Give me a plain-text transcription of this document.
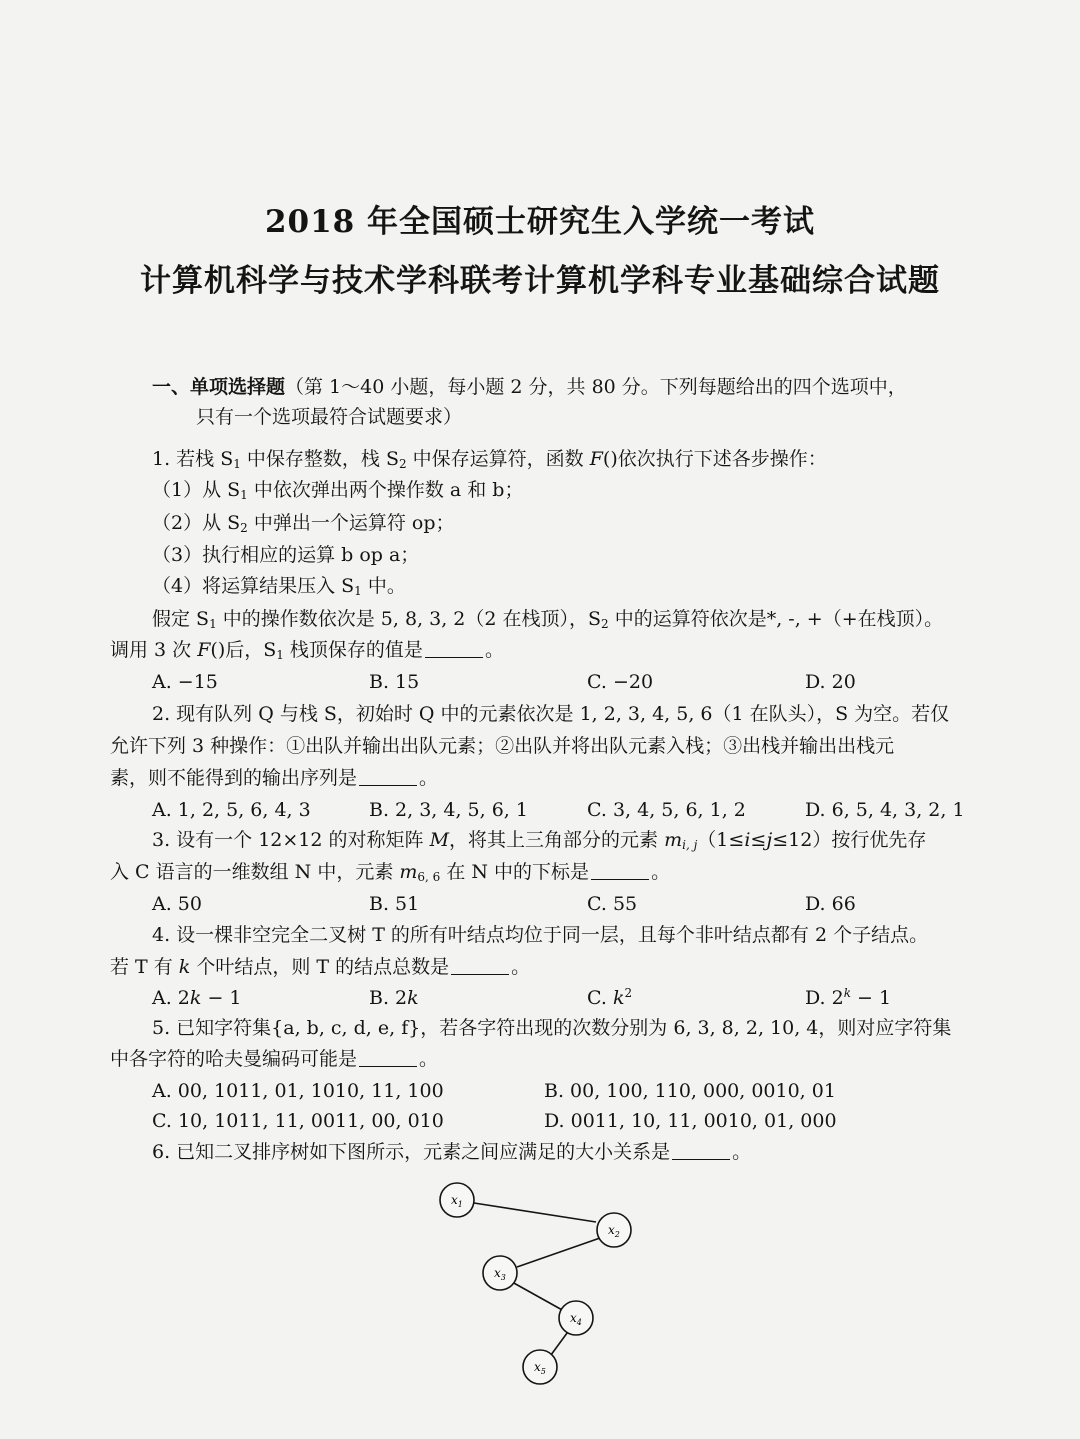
2018 年全国硕士研究生入学统一考试
计算机科学与技术学科联考计算机学科专业基础综合试题
一、单项选择题（第 1～40 小题，每小题 2 分，共 80 分。下列每题给出的四个选项中，
只有一个选项最符合试题要求）
1. 若栈 $S_1$ 中保存整数，栈 $S_2$ 中保存运算符，函数 F()依次执行下述各步操作：
（1）从 $S_1$ 中依次弹出两个操作数 a 和 b；
（2）从 $S_2$ 中弹出一个运算符 op；
（3）执行相应的运算 b op a；
（4）将运算结果压入 $S_1$ 中。
假定 $S_1$ 中的操作数依次是 5, 8, 3, 2（2 在栈顶），$S_2$ 中的运算符依次是*, -, +（+在栈顶）。
调用 3 次 F()后，$S_1$ 栈顶保存的值是	。
A. −15	B. 15	C. −20	D. 20
2. 现有队列 Q 与栈 S，初始时 Q 中的元素依次是 1, 2, 3, 4, 5, 6（1 在队头），S 为空。若仅
允许下列 3 种操作：①出队并输出出队元素；②出队并将出队元素入栈；③出栈并输出出栈元
素，则不能得到的输出序列是	。
A. 1, 2, 5, 6, 4, 3	B. 2, 3, 4, 5, 6, 1	C. 3, 4, 5, 6, 1, 2	D. 6, 5, 4, 3, 2, 1
3. 设有一个 12×12 的对称矩阵 M，将其上三角部分的元素 $m_{i, j}(1\le i\le j\le 12)$按行优先存
入 C 语言的一维数组 N 中，元素 $m_{6, 6}$ 在 N 中的下标是	。
A. 50	B. 51	C. 55	D. 66
4. 设一棵非空完全二叉树 T 的所有叶结点均位于同一层，且每个非叶结点都有 2 个子结点。
若 T 有 k 个叶结点，则 T 的结点总数是	。
A. 2k − 1	B. 2k	C. $k^2$	D. $2^k - 1$
5. 已知字符集{a, b, c, d, e, f}，若各字符出现的次数分别为 6, 3, 8, 2, 10, 4，则对应字符集
中各字符的哈夫曼编码可能是	。
A. 00, 1011, 01, 1010, 11, 100	B. 00, 100, 110, 000, 0010, 01
C. 10, 1011, 11, 0011, 00, 010	D. 0011, 10, 11, 0010, 01, 000
6. 已知二叉排序树如下图所示，元素之间应满足的大小关系是	。
$x_1$
$x_2$
$x_3$
$x_4$
$x_5$
